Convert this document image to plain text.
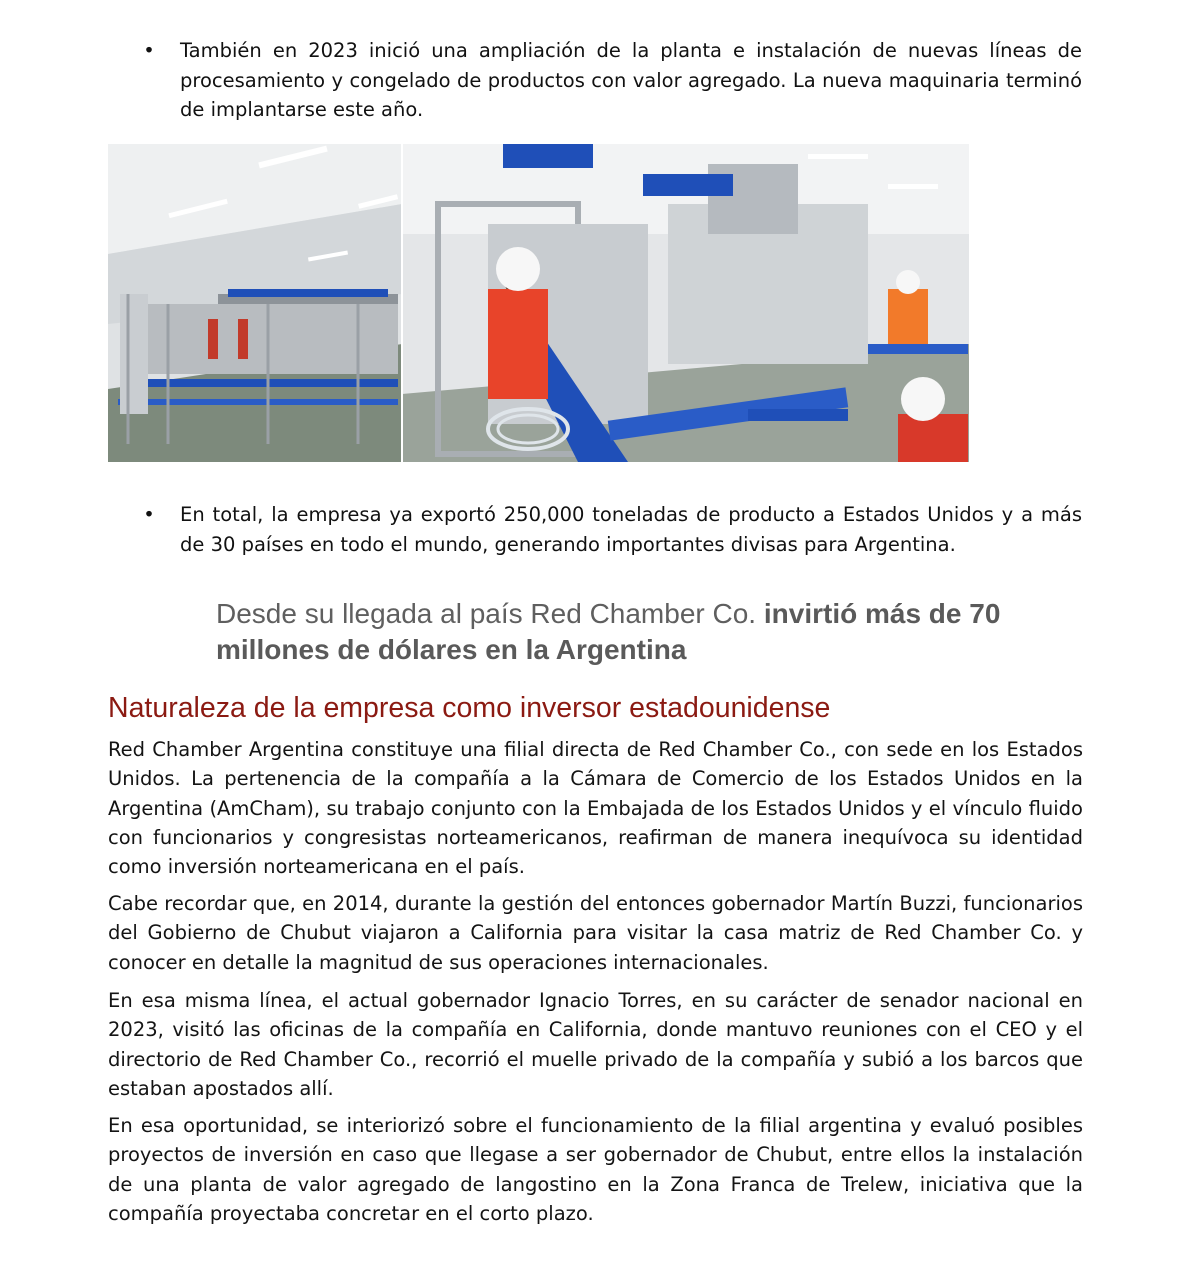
• También en 2023 inició una ampliación de la planta e instalación de nuevas líneas de procesamiento y congelado de productos con valor agregado. La nueva maquinaria terminó de implantarse este año.
• En total, la empresa ya exportó 250,000 toneladas de producto a Estados Unidos y a más de 30 países en todo el mundo, generando importantes divisas para Argentina.
Desde su llegada al país Red Chamber Co. invirtió más de 70 millones de dólares en la Argentina
Naturaleza de la empresa como inversor estadounidense

Red Chamber Argentina constituye una filial directa de Red Chamber Co., con sede en los Estados Unidos. La pertenencia de la compañía a la Cámara de Comercio de los Estados Unidos en la Argentina (AmCham), su trabajo conjunto con la Embajada de los Estados Unidos y el vínculo fluido con funcionarios y congresistas norteamericanos, reafirman de manera inequívoca su identidad como inversión norteamericana en el país.

Cabe recordar que, en 2014, durante la gestión del entonces gobernador Martín Buzzi, funcionarios del Gobierno de Chubut viajaron a California para visitar la casa matriz de Red Chamber Co. y conocer en detalle la magnitud de sus operaciones internacionales.

En esa misma línea, el actual gobernador Ignacio Torres, en su carácter de senador nacional en 2023, visitó las oficinas de la compañía en California, donde mantuvo reuniones con el CEO y el directorio de Red Chamber Co., recorrió el muelle privado de la compañía y subió a los barcos que estaban apostados allí.

En esa oportunidad, se interiorizó sobre el funcionamiento de la filial argentina y evaluó posibles proyectos de inversión en caso que llegase a ser gobernador de Chubut, entre ellos la instalación de una planta de valor agregado de langostino en la Zona Franca de Trelew, iniciativa que la compañía proyectaba concretar en el corto plazo.
